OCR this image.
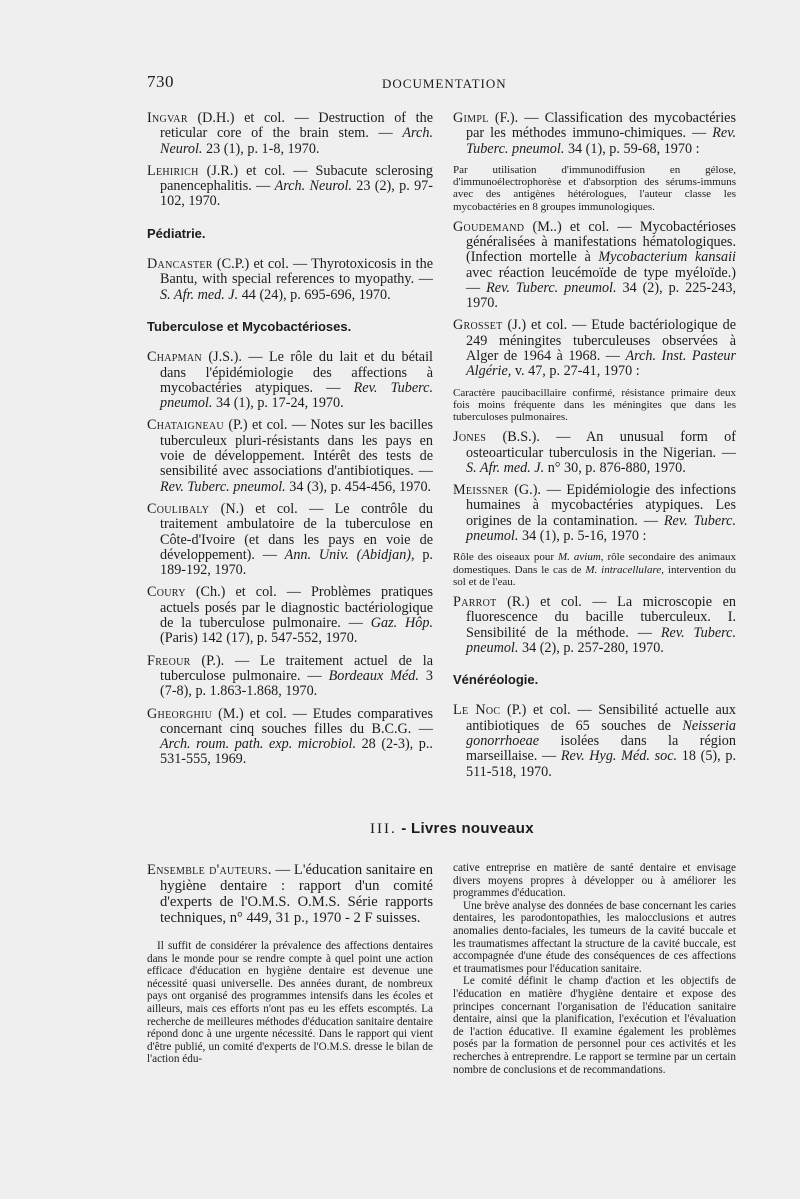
730	DOCUMENTATION

Ingvar (D.H.) et col. — Destruction of the reticular core of the brain stem. — Arch. Neurol. 23 (1), p. 1-8, 1970.

Lehirich (J.R.) et col. — Subacute sclerosing panencephalitis. — Arch. Neurol. 23 (2), p. 97-102, 1970.

Pédiatrie.

Dancaster (C.P.) et col. — Thyrotoxicosis in the Bantu, with special references to myopathy. — S. Afr. med. J. 44 (24), p. 695-696, 1970.

Tuberculose et Mycobactérioses.

Chapman (J.S.). — Le rôle du lait et du bétail dans l'épidémiologie des affections à mycobactéries atypiques. — Rev. Tuberc. pneumol. 34 (1), p. 17-24, 1970.

Chataigneau (P.) et col. — Notes sur les bacilles tuberculeux pluri-résistants dans les pays en voie de développement. Intérêt des tests de sensibilité avec associations d'antibiotiques. — Rev. Tuberc. pneumol. 34 (3), p. 454-456, 1970.

Coulibaly (N.) et col. — Le contrôle du traitement ambulatoire de la tuberculose en Côte-d'Ivoire (et dans les pays en voie de développement). — Ann. Univ. (Abidjan), p. 189-192, 1970.

Coury (Ch.) et col. — Problèmes pratiques actuels posés par le diagnostic bactériologique de la tuberculose pulmonaire. — Gaz. Hôp. (Paris) 142 (17), p. 547-552, 1970.

Freour (P.). — Le traitement actuel de la tuberculose pulmonaire. — Bordeaux Méd. 3 (7-8), p. 1.863-1.868, 1970.

Gheorghiu (M.) et col. — Etudes comparatives concernant cinq souches filles du B.C.G. — Arch. roum. path. exp. microbiol. 28 (2-3), p.. 531-555, 1969.

Gimpl (F.). — Classification des mycobactéries par les méthodes immuno-chimiques. — Rev. Tuberc. pneumol. 34 (1), p. 59-68, 1970 :

Par utilisation d'immunodiffusion en gélose, d'immunoélectrophorèse et d'absorption des sérums-immuns avec des antigènes hétérologues, l'auteur classe les mycobactéries en 8 groupes immunologiques.

Goudemand (M..) et col. — Mycobactérioses généralisées à manifestations hématologiques. (Infection mortelle à Mycobacterium kansaii avec réaction leucémoïde de type myéloïde.) — Rev. Tuberc. pneumol. 34 (2), p. 225-243, 1970.

Grosset (J.) et col. — Etude bactériologique de 249 méningites tuberculeuses observées à Alger de 1964 à 1968. — Arch. Inst. Pasteur Algérie, v. 47, p. 27-41, 1970 :

Caractère paucibacillaire confirmé, résistance primaire deux fois moins fréquente dans les méningites que dans les tuberculoses pulmonaires.

Jones (B.S.). — An unusual form of osteoarticular tuberculosis in the Nigerian. — S. Afr. med. J. n° 30, p. 876-880, 1970.

Meissner (G.). — Epidémiologie des infections humaines à mycobactéries atypiques. Les origines de la contamination. — Rev. Tuberc. pneumol. 34 (1), p. 5-16, 1970 :

Rôle des oiseaux pour M. avium, rôle secondaire des animaux domestiques. Dans le cas de M. intracellulare, intervention du sol et de l'eau.

Parrot (R.) et col. — La microscopie en fluorescence du bacille tuberculeux. I. Sensibilité de la méthode. — Rev. Tuberc. pneumol. 34 (2), p. 257-280, 1970.

Vénéréologie.

Le Noc (P.) et col. — Sensibilité actuelle aux antibiotiques de 65 souches de Neisseria gonorrhoeae isolées dans la région marseillaise. — Rev. Hyg. Méd. soc. 18 (5), p. 511-518, 1970.

III. - Livres nouveaux

Ensemble d'auteurs. — L'éducation sanitaire en hygiène dentaire : rapport d'un comité d'experts de l'O.M.S. O.M.S. Série rapports techniques, n° 449, 31 p., 1970 - 2 F suisses.

Il suffit de considérer la prévalence des affections dentaires dans le monde pour se rendre compte à quel point une action efficace d'éducation en hygiène dentaire est devenue une nécessité quasi universelle. Des années durant, de nombreux pays ont organisé des programmes intensifs dans les écoles et ailleurs, mais ces efforts n'ont pas eu les effets escomptés. La recherche de meilleures méthodes d'éducation sanitaire dentaire répond donc à une urgente nécessité. Dans le rapport qui vient d'être publié, un comité d'experts de l'O.M.S. dresse le bilan de l'action édu-

cative entreprise en matière de santé dentaire et envisage divers moyens propres à développer ou à améliorer les programmes d'éducation.

Une brève analyse des données de base concernant les caries dentaires, les parodontopathies, les malocclusions et autres anomalies dento-faciales, les tumeurs de la cavité buccale et les traumatismes affectant la structure de la cavité buccale, est accompagnée d'une étude des conséquences de ces affections et traumatismes pour l'éducation sanitaire.

Le comité définit le champ d'action et les objectifs de l'éducation en matière d'hygiène dentaire et expose des principes concernant l'organisation de l'éducation sanitaire dentaire, ainsi que la planification, l'exécution et l'évaluation de l'action éducative. Il examine également les problèmes posés par la formation de personnel pour ces activités et les recherches à entreprendre. Le rapport se termine par un certain nombre de conclusions et de recommandations.
